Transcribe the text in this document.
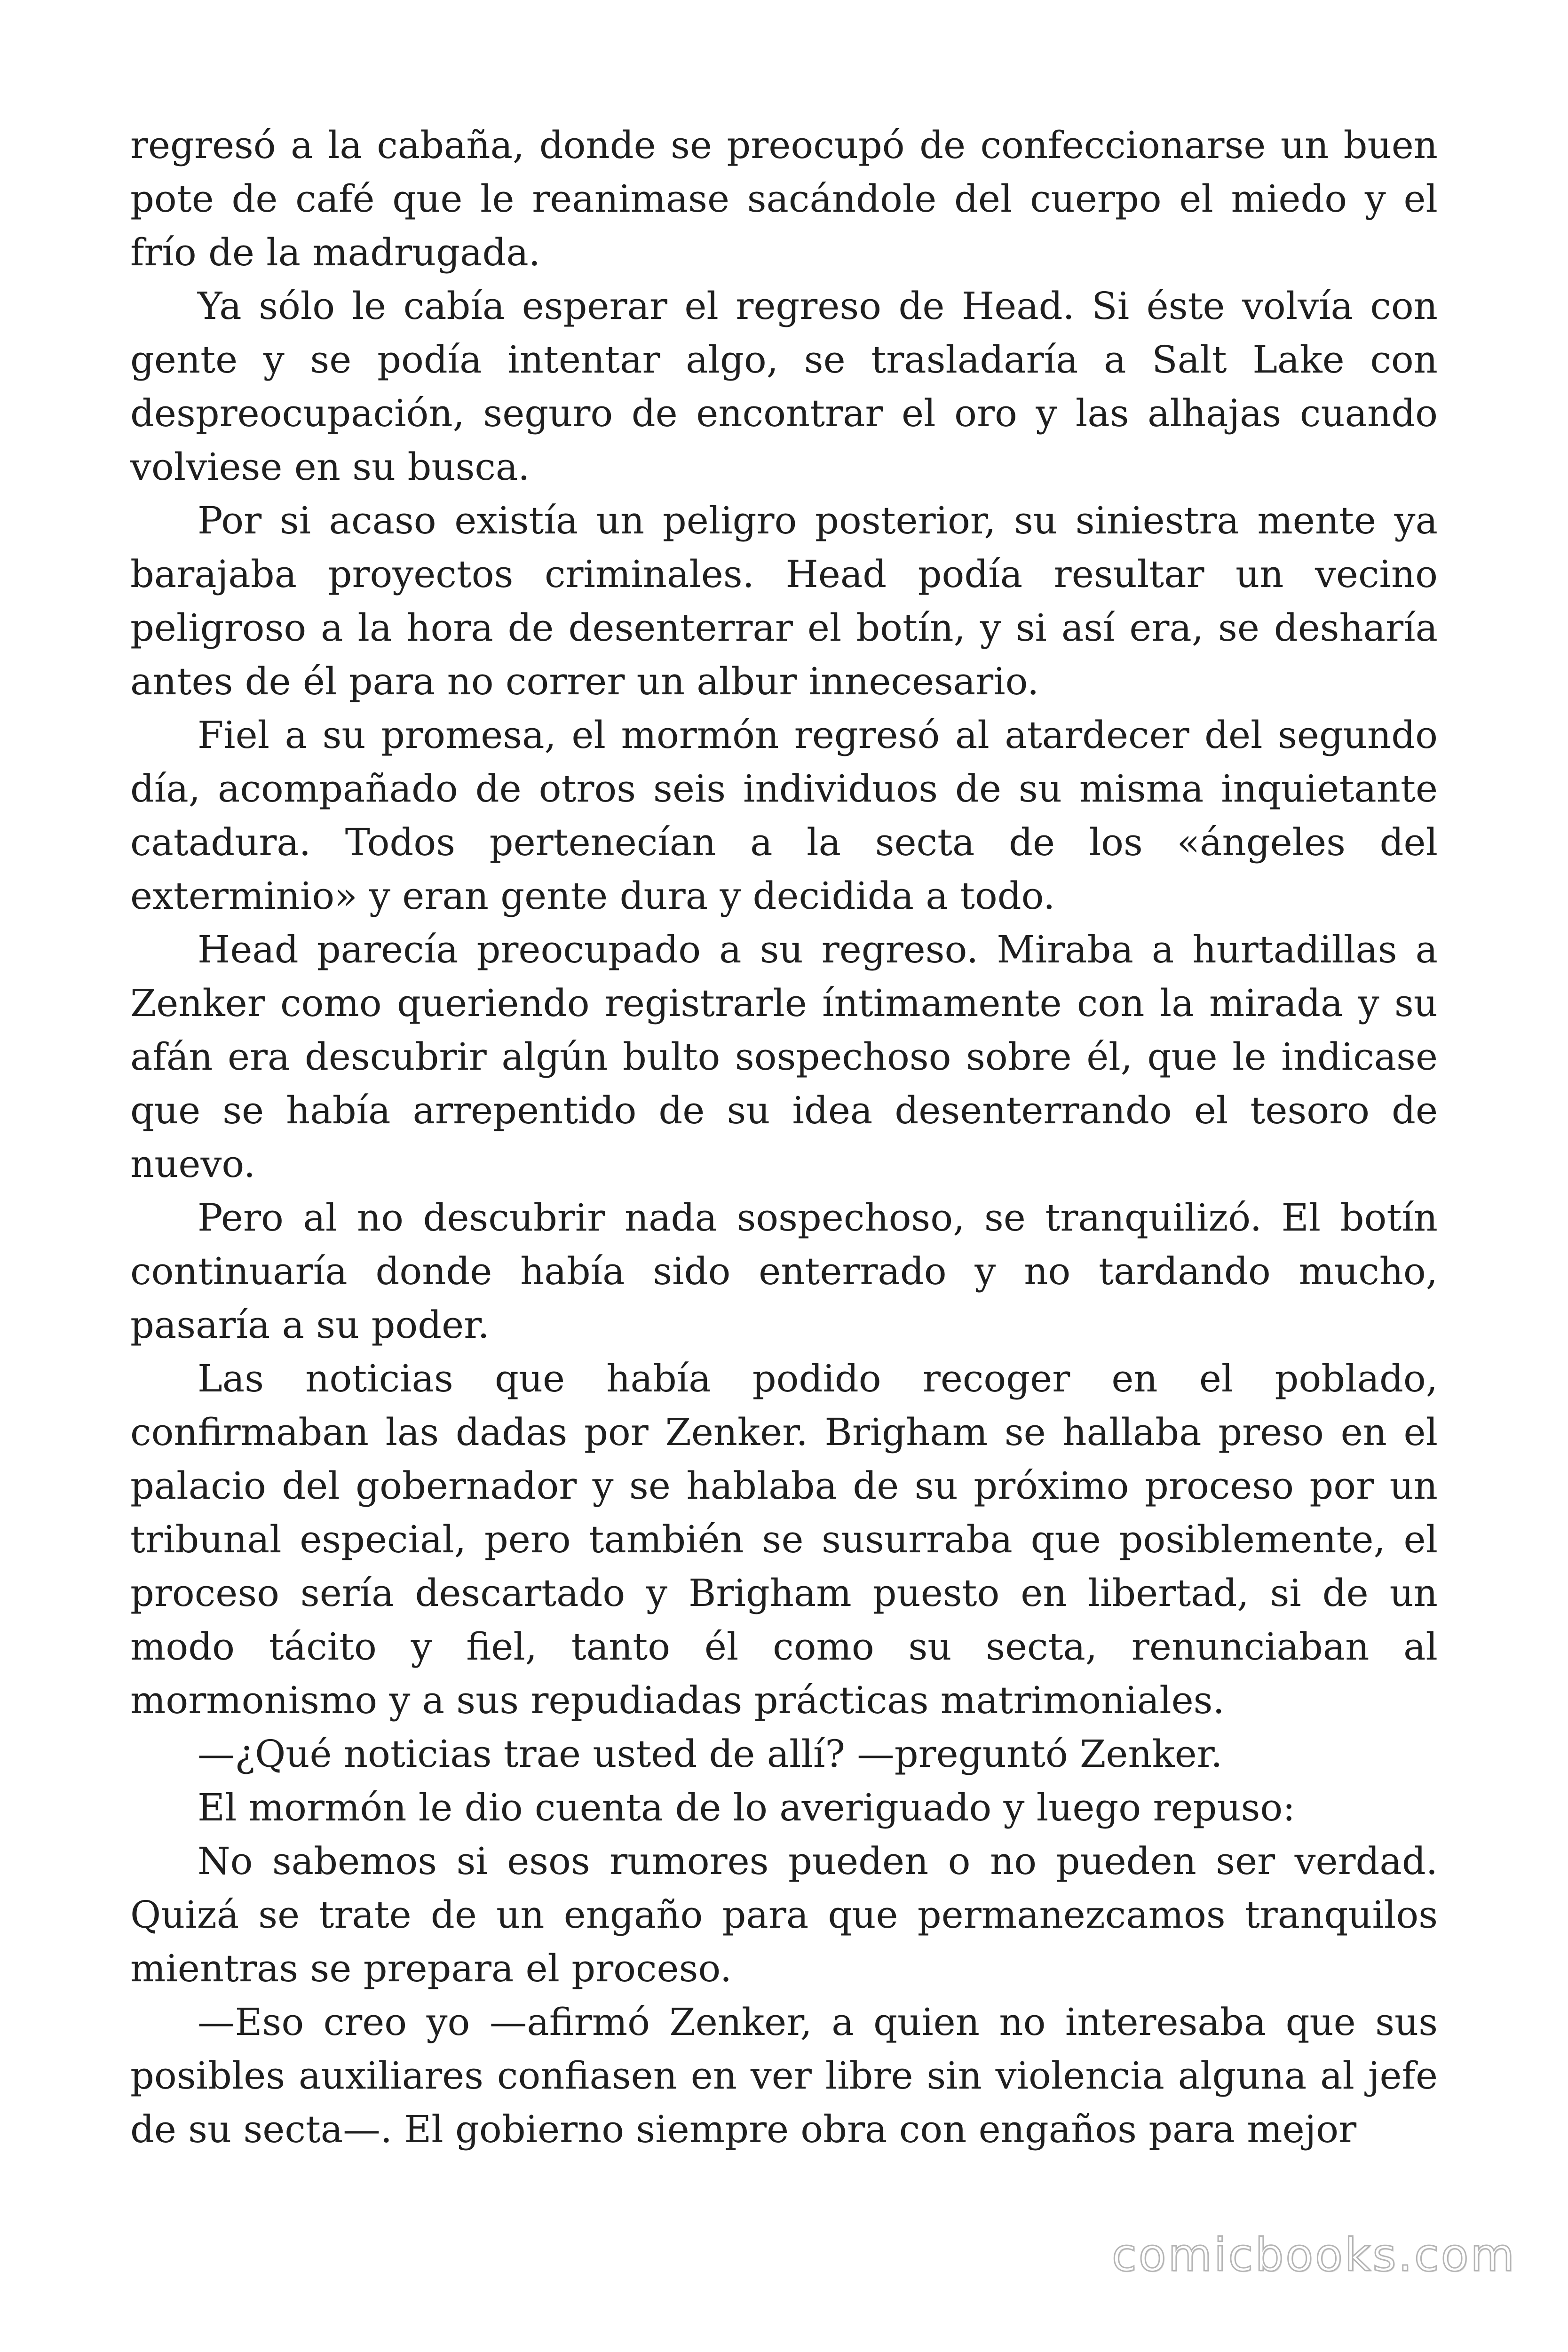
regresó a la cabaña, donde se preocupó de confeccionarse un buen pote de café que le reanimase sacándole del cuerpo el miedo y el frío de la madrugada.

Ya sólo le cabía esperar el regreso de Head. Si éste volvía con gente y se podía intentar algo, se trasladaría a Salt Lake con despreocupación, seguro de encontrar el oro y las alhajas cuando volviese en su busca.

Por si acaso existía un peligro posterior, su siniestra mente ya barajaba proyectos criminales. Head podía resultar un vecino peligroso a la hora de desenterrar el botín, y si así era, se desharía antes de él para no correr un albur innecesario.

Fiel a su promesa, el mormón regresó al atardecer del segundo día, acompañado de otros seis individuos de su misma inquietante catadura. Todos pertenecían a la secta de los «ángeles del exterminio» y eran gente dura y decidida a todo.

Head parecía preocupado a su regreso. Miraba a hurtadillas a Zenker como queriendo registrarle íntimamente con la mirada y su afán era descubrir algún bulto sospechoso sobre él, que le indicase que se había arrepentido de su idea desenterrando el tesoro de nuevo.

Pero al no descubrir nada sospechoso, se tranquilizó. El botín continuaría donde había sido enterrado y no tardando mucho, pasaría a su poder.

Las noticias que había podido recoger en el poblado, confirmaban las dadas por Zenker. Brigham se hallaba preso en el palacio del gobernador y se hablaba de su próximo proceso por un tribunal especial, pero también se susurraba que posiblemente, el proceso sería descartado y Brigham puesto en libertad, si de un modo tácito y fiel, tanto él como su secta, renunciaban al mormonismo y a sus repudiadas prácticas matrimoniales.

—¿Qué noticias trae usted de allí? —preguntó Zenker.

El mormón le dio cuenta de lo averiguado y luego repuso:

No sabemos si esos rumores pueden o no pueden ser verdad. Quizá se trate de un engaño para que permanezcamos tranquilos mientras se prepara el proceso.

—Eso creo yo —afirmó Zenker, a quien no interesaba que sus posibles auxiliares confiasen en ver libre sin violencia alguna al jefe de su secta—. El gobierno siempre obra con engaños para mejor

comicbooks.com
